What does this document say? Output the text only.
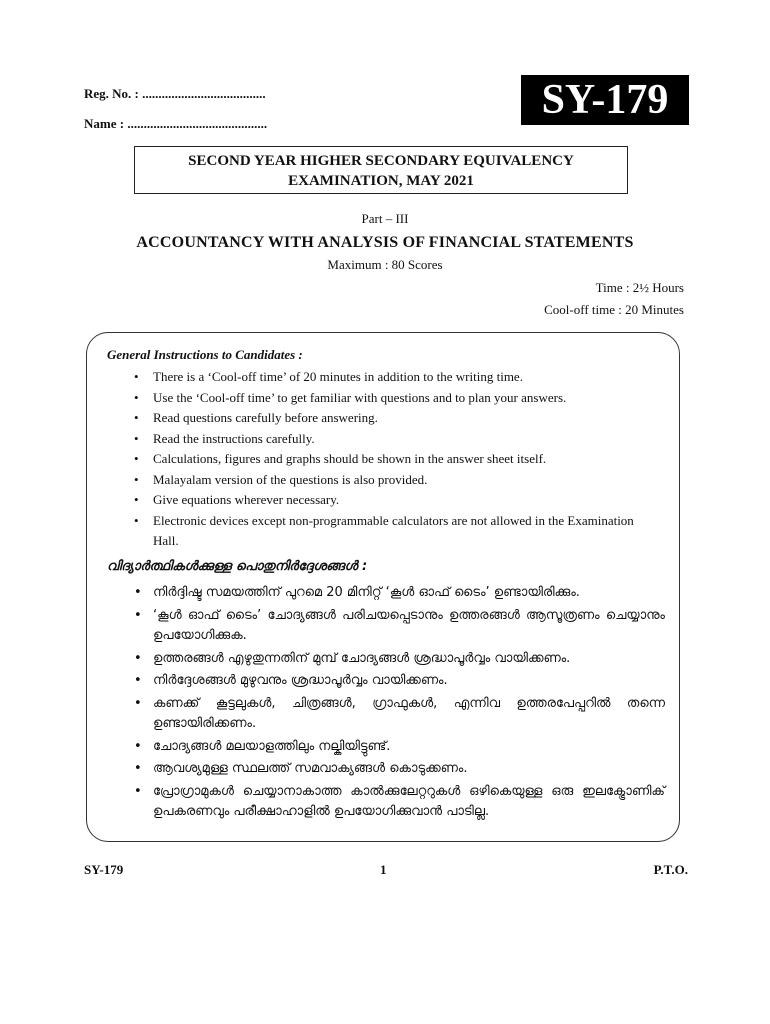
Reg. No. : ......................................
Name : ...........................................
SY-179
SECOND YEAR HIGHER SECONDARY EQUIVALENCY
EXAMINATION, MAY 2021
Part – III
ACCOUNTANCY WITH ANALYSIS OF FINANCIAL STATEMENTS
Maximum : 80 Scores
Time : 2½ Hours
Cool-off time : 20 Minutes
General Instructions to Candidates :
• There is a ‘Cool-off time’ of 20 minutes in addition to the writing time.
• Use the ‘Cool-off time’ to get familiar with questions and to plan your answers.
• Read questions carefully before answering.
• Read the instructions carefully.
• Calculations, figures and graphs should be shown in the answer sheet itself.
• Malayalam version of the questions is also provided.
• Give equations wherever necessary.
• Electronic devices except non-programmable calculators are not allowed in the Examination Hall.
വിദ്യാർത്ഥികൾക്കുള്ള പൊതുനിർദ്ദേശങ്ങൾ :
• നിർദ്ദിഷ്ട സമയത്തിന് പുറമെ 20 മിനിറ്റ് ‘കൂൾ ഓഫ് ടൈം’ ഉണ്ടായിരിക്കും.
• ‘കൂൾ ഓഫ് ടൈം’ ചോദ്യങ്ങൾ പരിചയപ്പെടാനും ഉത്തരങ്ങൾ ആസൂത്രണം ചെയ്യാനും ഉപയോഗിക്കുക.
• ഉത്തരങ്ങൾ എഴുതുന്നതിന് മുമ്പ് ചോദ്യങ്ങൾ ശ്രദ്ധാപൂർവ്വം വായിക്കണം.
• നിർദ്ദേശങ്ങൾ മുഴുവനും ശ്രദ്ധാപൂർവ്വം വായിക്കണം.
• കണക്ക് കൂട്ടലുകൾ, ചിത്രങ്ങൾ, ഗ്രാഫുകൾ, എന്നിവ ഉത്തരപേപ്പറിൽ തന്നെ ഉണ്ടായിരിക്കണം.
• ചോദ്യങ്ങൾ മലയാളത്തിലും നല്കിയിട്ടുണ്ട്.
• ആവശ്യമുള്ള സ്ഥലത്ത് സമവാക്യങ്ങൾ കൊടുക്കണം.
• പ്രോഗ്രാമുകൾ ചെയ്യാനാകാത്ത കാൽക്കുലേറ്ററുകൾ ഒഴികെയുള്ള ഒരു ഇലക്ട്രോണിക് ഉപകരണവും പരീക്ഷാഹാളിൽ ഉപയോഗിക്കുവാൻ പാടില്ല.
SY-179	1	P.T.O.
